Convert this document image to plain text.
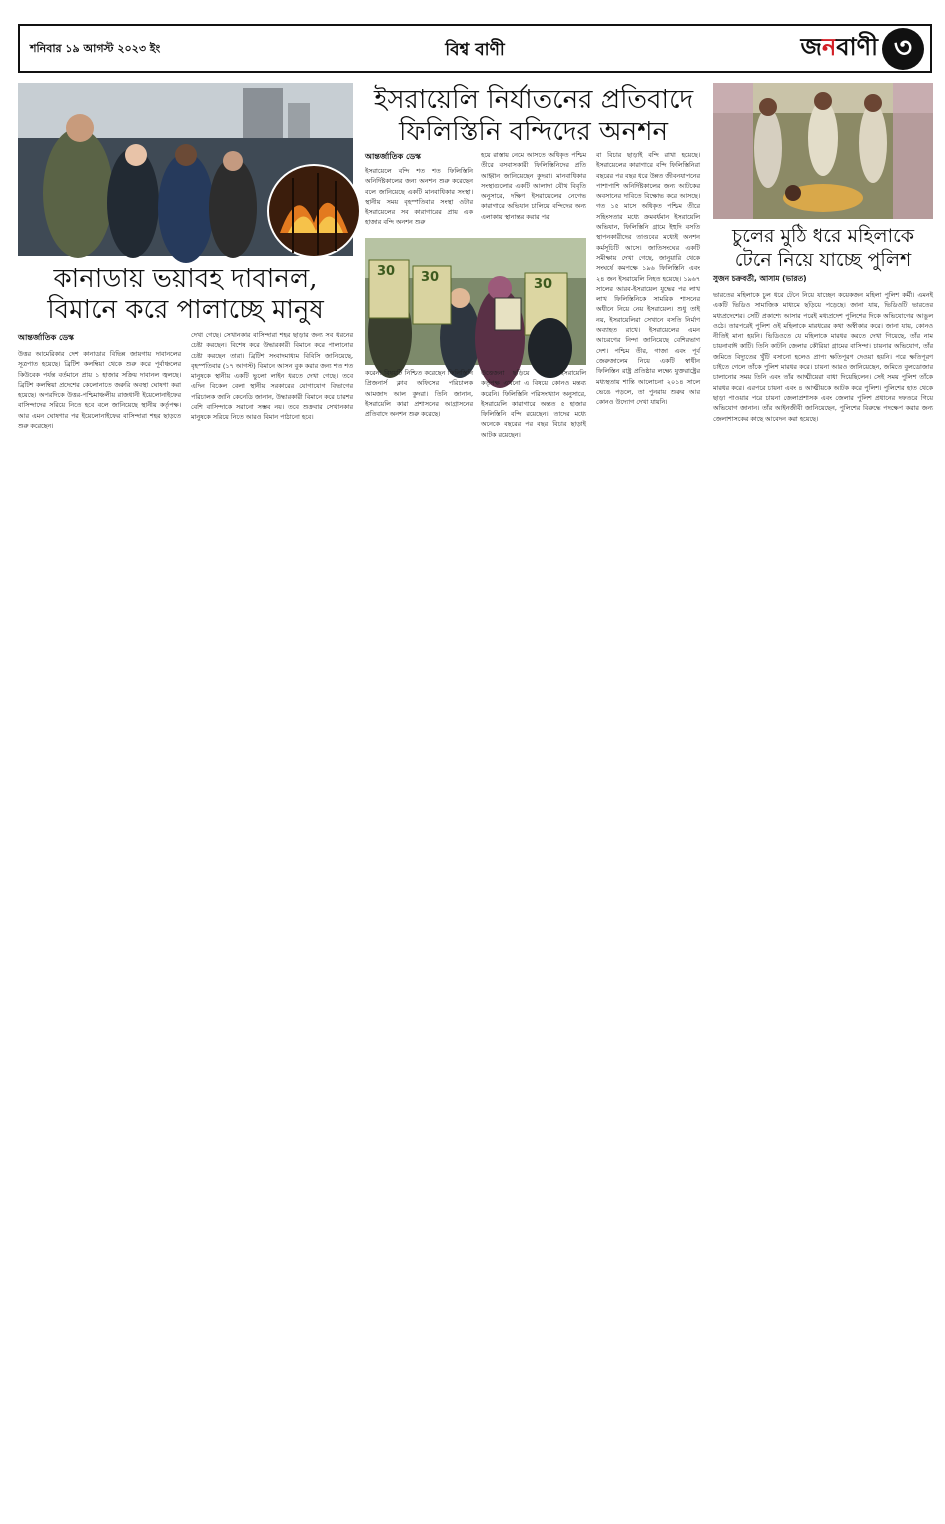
শনিবার ১৯ আগস্ট ২০২৩ ইং	বিশ্ব বাণী	জ ন বাণী ৩
কানাডায় ভয়াবহ দাবানল,
বিমানে করে পালাচ্ছে মানুষ
আন্তর্জাতিক ডেস্ক
উত্তর আমেরিকার দেশ কানাডার বিভিন্ন জায়গায় দাবানলের সূত্রপাত হয়েছে। ব্রিটিশ কলম্বিয়া থেকে শুরু করে পূর্বাঞ্চলের কিউবেক পর্যন্ত বর্তমানে প্রায় ১ হাজার সক্রিয় দাবানল জ্বলছে। ব্রিটিশ কলম্বিয়া প্রদেশের কেলোনাতে জরুরি অবস্থা ঘোষণা করা হয়েছে। অপরদিকে উত্তর-পশ্চিমাঞ্চলীয় রাজধানী ইয়েলোনাইফের বাসিন্দাদের সরিয়ে নিতে হবে বলে জানিয়েছে স্থানীয় কর্তৃপক্ষ। আর এমন ঘোষণার পর ইয়েলোনাইফের বাসিন্দারা শহর ছাড়তে শুরু করেছেন।
দেখা গেছে। সেখানকার বাসিন্দারা শহর ছাড়ার জন্য সব ধরনের চেষ্টা করছেন। বিশেষ করে উদ্ধারকারী বিমানে করে পালানোর চেষ্টা করছেন তারা। ব্রিটিশ সংবাদমাধ্যম বিবিসি জানিয়েছে, বৃহস্পতিবার (১৭ আগস্ট) বিমানে আসন বুক করার জন্য শত শত মানুষকে স্থানীয় একটি ভুলো লাইন ধরতে দেখা গেছে। তবে এদিন বিকেল বেলা স্থানীয় সরকারের যোগাযোগ বিভাগের পরিচালক জানি কেনেডি জানান, উদ্ধারকারী বিমানে করে চারশর বেশি বাসিন্দাকে সরানো সম্ভব নয়। তবে শুক্রবার সেখানকার মানুষকে সরিয়ে নিতে আরও বিমান পাঠানো হবে।
ইসরায়েলি নির্যাতনের প্রতিবাদে
ফিলিস্তিনি বন্দিদের অনশন
আন্তর্জাতিক ডেস্ক
ইসরায়েলে বন্দি শত শত ফিলিস্তিনি অনির্দিষ্টকালের জন্য অনশন শুরু করেছেন বলে জানিয়েছে একটি মানবাধিকার সংস্থা। স্থানীয় সময় বৃহস্পতিবার সংস্থা ওটার ইসরায়েলের সব কারাগারের প্রায় এক হাজার বন্দি অনশন শুরু
হয়ে রাস্তায় নেমে আসতে অধিকৃত পশ্চিম তীরে বসবাসকারী ফিলিস্তিনিদের প্রতি আহ্বান জানিয়েছেন কুদরা। মানবাধিকার সংস্থাগুলোর একটি আলাদা যৌথ বিবৃতি অনুসারে, দক্ষিণ ইসরায়েলের নেগেভ কারাগারে অভিযান চালিয়ে বন্দিদের অন্য এলাকায় স্থানান্তর করার পর
30 30	30
করেন। বিষয়টি নিশ্চিত করেছেন ফিলিস্তিনি প্রিজনার্স ক্লাব অফিসের পরিচালক আমজাদ আল কুদরা। তিনি জানান, ইসরায়েলি কারা প্রশাসনের আগ্রাসনের প্রতিবাদে অনশন শুরু করেছে।
উত্তেজনা ছড়িয়ে পড়ে। ইসরায়েলি কর্তৃপক্ষ এখনো এ বিষয়ে কোনও মন্তব্য করেনি। ফিলিস্তিনি পরিসংখ্যান অনুসারে, ইসরায়েলি কারাগারে অন্তত ৫ হাজার ফিলিস্তিনি বন্দি রয়েছেন। তাদের মধ্যে অনেকে বছরের পর বছর বিচার ছাড়াই আটক রয়েছেন।
বা বিচার ছাড়াই বন্দি রাখা হয়েছে। ইসরায়েলের কারাগারে বন্দি ফিলিস্তিনিরা বছরের পর বছর ধরে উন্নত জীবনযাপনের পাশাপাশি অনির্দিষ্টকালের জন্য আটকের অবসানের দাবিতে বিক্ষোভ করে আসছে। গত ১৫ মাসে অধিকৃত পশ্চিম তীরে সহিংসতার মধ্যে ক্রমবর্ধমান ইসরায়েলি অভিযান, ফিলিস্তিনি গ্রামে ইহুদি বসতি স্থাপনকারীদের তাণ্ডবের মধ্যেই অনশন কর্মসূচিটি আসে। জাতিসংঘের একটি সমীক্ষায় দেখা গেছে, জানুয়ারি থেকে সংঘর্ষে কমপক্ষে ১৯৬ ফিলিস্তিনি এবং ২৪ জন ইসরায়েলি নিহত হয়েছে। ১৯৬৭ সালের আরব-ইসরায়েল যুদ্ধের পর লাখ লাখ ফিলিস্তিনিকে সামরিক শাসনের অধীনে নিয়ে নেয় ইসরায়েল। শুধু তাই নয়, ইসরায়েলিরা সেখানে বসতি নির্মাণ অব্যাহত রাখে। ইসরায়েলের এমন আচরণের নিন্দা জানিয়েছে বেশিরভাগ দেশ। পশ্চিম তীর, গাজা এবং পূর্ব জেরুজালেম নিয়ে একটি স্বাধীন ফিলিস্তিন রাষ্ট্র প্রতিষ্ঠার লক্ষ্যে যুক্তরাষ্ট্রের মধ্যস্থতায় শান্তি আলোচনা ২০১৪ সালে ভেঙে পড়লে, তা পুনরায় শুরুর আর কোনও উদ্যোগ দেখা যায়নি।
চুলের মুঠি ধরে মহিলাকে
টেনে নিয়ে যাচ্ছে পুলিশ
সুজন চক্রবর্তী, আসাম (ভারত)
ভারতের মহিলাকে চুল ধরে টেনে নিয়ে যাচ্ছেন কয়েকজন মহিলা পুলিশ কর্মী। এমনই একটি ভিডিও সামাজিক মাধ্যমে ছড়িয়ে পড়েছে। জানা যায়, ভিডিওটি ভারতের মধ্যপ্রদেশের। সেটি প্রকাশ্যে আসার পরেই মধ্যপ্রদেশ পুলিশের দিকে অভিযোগের আঙুল ওঠে। তারপরেই পুলিশ ওই মহিলাকে মারধরের কথা অস্বীকার করে। জানা যায়, কোনও নীতিই মানা হয়নি। ভিডিওতে যে মহিলাকে মারধর করতে দেখা গিয়েছে, তাঁর নাম চায়নাবাঈ কাটি। তিনি কাটনি জেলার কৌরিয়া গ্রামের বাসিন্দা। চায়নার অভিযোগ, তাঁর জমিতে বিদ্যুতের খুঁটি বসানো হলেও প্রাপ্য ক্ষতিপূরণ দেওয়া হয়নি। পরে ক্ষতিপূরণ চাইতে গেলে তাঁকে পুলিশ মারধর করে। চায়না আরও জানিয়েছেন, জমিতে বুলডোজার চালানোর সময় তিনি এবং তাঁর আত্মীয়েরা বাধা দিয়েছিলেন। সেই সময় পুলিশ তাঁকে মারধর করে। এরপরে চায়না এবং ৪ আত্মীয়কে আটক করে পুলিশ। পুলিশের হাত থেকে ছাড়া পাওয়ার পরে চায়না জেলাপ্রশাসক এবং জেলার পুলিশ প্রধানের দফতরে গিয়ে অভিযোগ জানান। তাঁর আইনজীবী জানিয়েছেন, পুলিশের বিরুদ্ধে পদক্ষেপ করার জন্য জেলাশাসকের কাছে আবেদন করা হয়েছে।
